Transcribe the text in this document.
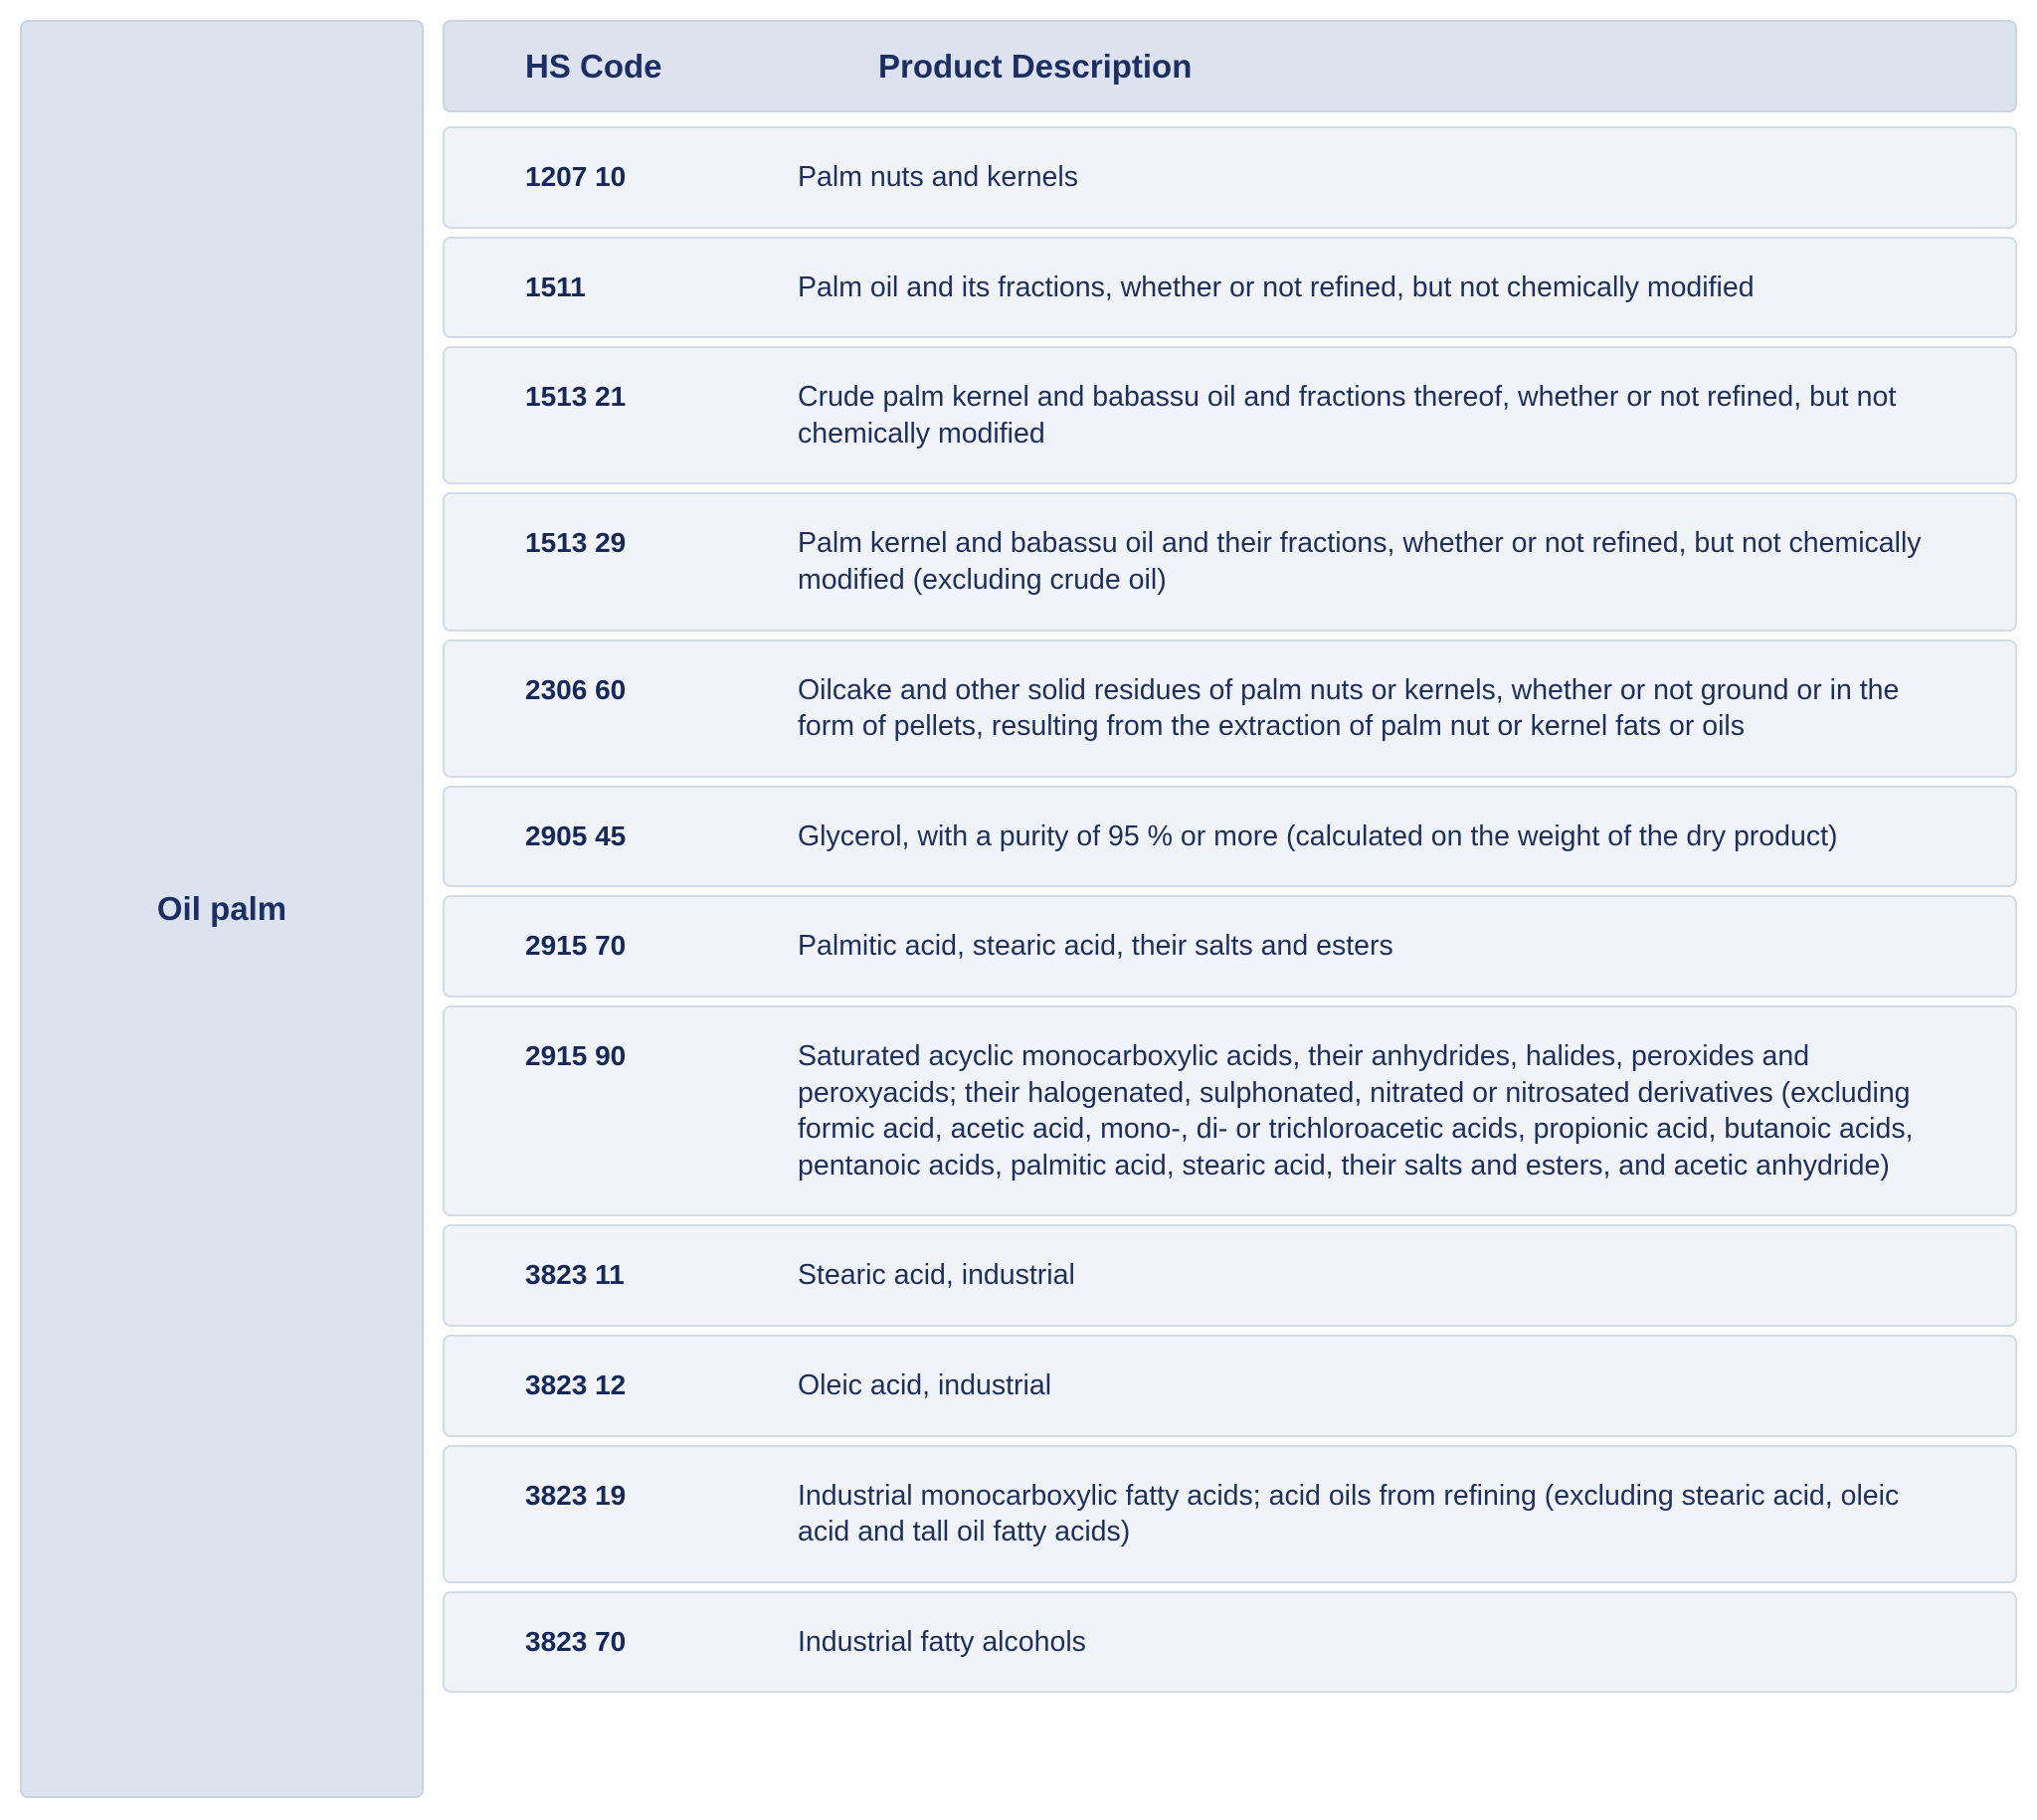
Oil palm
HS Code	Product Description
1207 10	Palm nuts and kernels
1511	Palm oil and its fractions, whether or not refined, but not chemically modified
1513 21	Crude palm kernel and babassu oil and fractions thereof, whether or not refined, but not chemically modified
1513 29	Palm kernel and babassu oil and their fractions, whether or not refined, but not chemically modified (excluding crude oil)
2306 60	Oilcake and other solid residues of palm nuts or kernels, whether or not ground or in the form of pellets, resulting from the extraction of palm nut or kernel fats or oils
2905 45	Glycerol, with a purity of 95 % or more (calculated on the weight of the dry product)
2915 70	Palmitic acid, stearic acid, their salts and esters
2915 90	Saturated acyclic monocarboxylic acids, their anhydrides, halides, peroxides and peroxyacids; their halogenated, sulphonated, nitrated or nitrosated derivatives (excluding formic acid, acetic acid, mono-, di- or trichloroacetic acids, propionic acid, butanoic acids, pentanoic acids, palmitic acid, stearic acid, their salts and esters, and acetic anhydride)
3823 11	Stearic acid, industrial
3823 12	Oleic acid, industrial
3823 19	Industrial monocarboxylic fatty acids; acid oils from refining (excluding stearic acid, oleic acid and tall oil fatty acids)
3823 70	Industrial fatty alcohols
